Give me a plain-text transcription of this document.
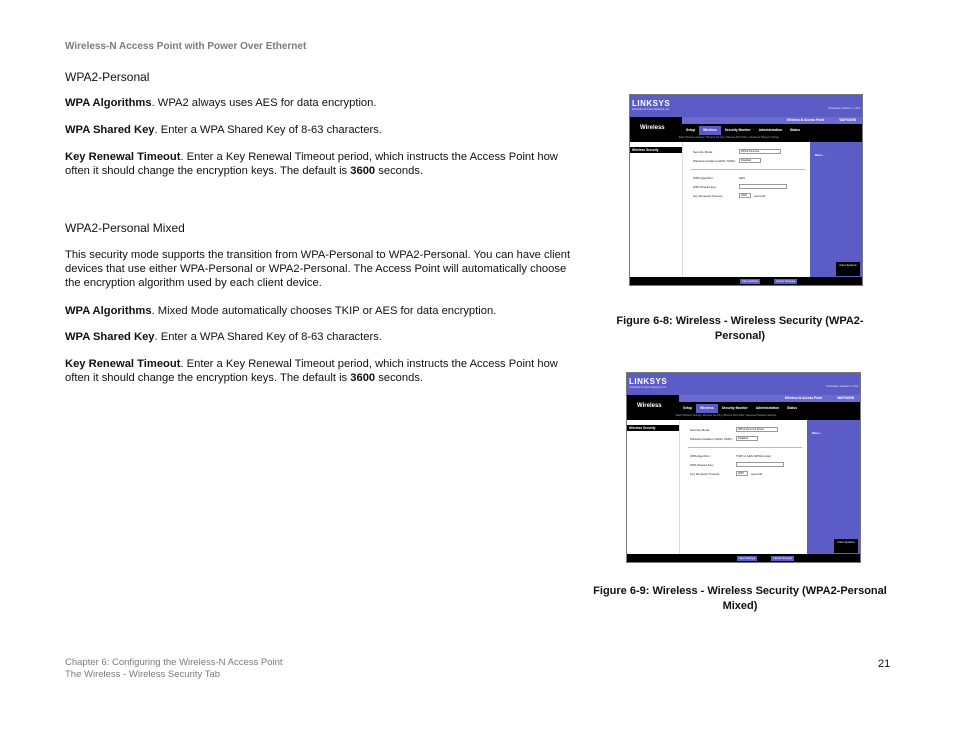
Wireless-N Access Point with Power Over Ethernet
WPA2-Personal
WPA Algorithms. WPA2 always uses AES for data encryption.
WPA Shared Key. Enter a WPA Shared Key of 8-63 characters.
Key Renewal Timeout. Enter a Key Renewal Timeout period, which instructs the Access Point how often it should change the encryption keys. The default is 3600 seconds.
WPA2-Personal Mixed
This security mode supports the transition from WPA-Personal to WPA2-Personal. You can have client devices that use either WPA-Personal or WPA2-Personal. The Access Point will automatically choose the encryption algorithm used by each client device.
WPA Algorithms. Mixed Mode automatically chooses TKIP or AES for data encryption.
WPA Shared Key. Enter a WPA Shared Key of 8-63 characters.
Key Renewal Timeout. Enter a Key Renewal Timeout period, which instructs the Access Point how often it should change the encryption keys. The default is 3600 seconds.
LINKSYS
A Division of Cisco Systems, Inc.	Firmware Version: 1.0.0
Wireless
Wireless-N Access Point	WAP4400N
Setup	Wireless	Security Monitor	Administration	Status
Basic Wireless Settings | Wireless Security | Wireless MAC Filter | Advanced Wireless Settings
Wireless Security	Security Mode:	WPA2-Personal
Wireless Isolation (within SSID):	Disabled
WPA Algorithm:	AES
WPA Shared Key:
Key Renewal Timeout:	3600	seconds
More...
Cisco Systems
Save Settings	Cancel Changes
Figure 6-8: Wireless - Wireless Security (WPA2-
Personal)
LINKSYS
A Division of Cisco Systems, Inc.	Firmware Version: 1.0.0
Wireless
Wireless-N Access Point	WAP4400N
Setup	Wireless	Security Monitor	Administration	Status
Basic Wireless Settings | Wireless Security | Wireless MAC Filter | Advanced Wireless Settings
Wireless Security	Security Mode:	WPA2-Personal Mixed
Wireless Isolation (within SSID):	Disabled
WPA Algorithm:	TKIP or AES (WPA2-Auto)
WPA Shared Key:
Key Renewal Timeout:	3600	seconds
More...
Cisco Systems
Save Settings	Cancel Changes
Figure 6-9: Wireless - Wireless Security (WPA2-Personal
Mixed)
Chapter 6: Configuring the Wireless-N Access Point
The Wireless - Wireless Security Tab
21
